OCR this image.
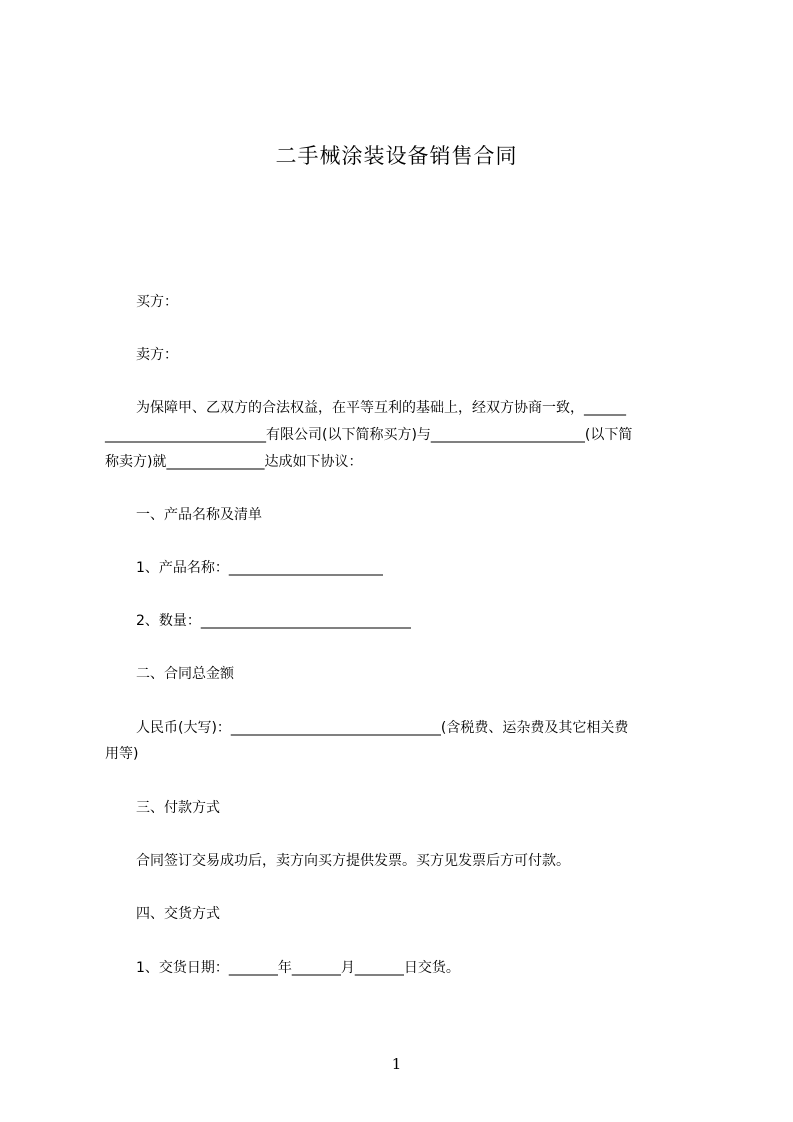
二手械涂装设备销售合同
买方：
卖方：
为保障甲、乙双方的合法权益，在平等互利的基础上，经双方协商一致，______
_______________________有限公司(以下简称买方)与______________________(以下简
称卖方)就______________达成如下协议：
一、产品名称及清单
1、产品名称：______________________
2、数量：______________________________
二、合同总金额
人民币(大写)：______________________________(含税费、运杂费及其它相关费
用等)
三、付款方式
合同签订交易成功后，卖方向买方提供发票。买方见发票后方可付款。
四、交货方式
1、交货日期：_______年_______月_______日交货。
1
